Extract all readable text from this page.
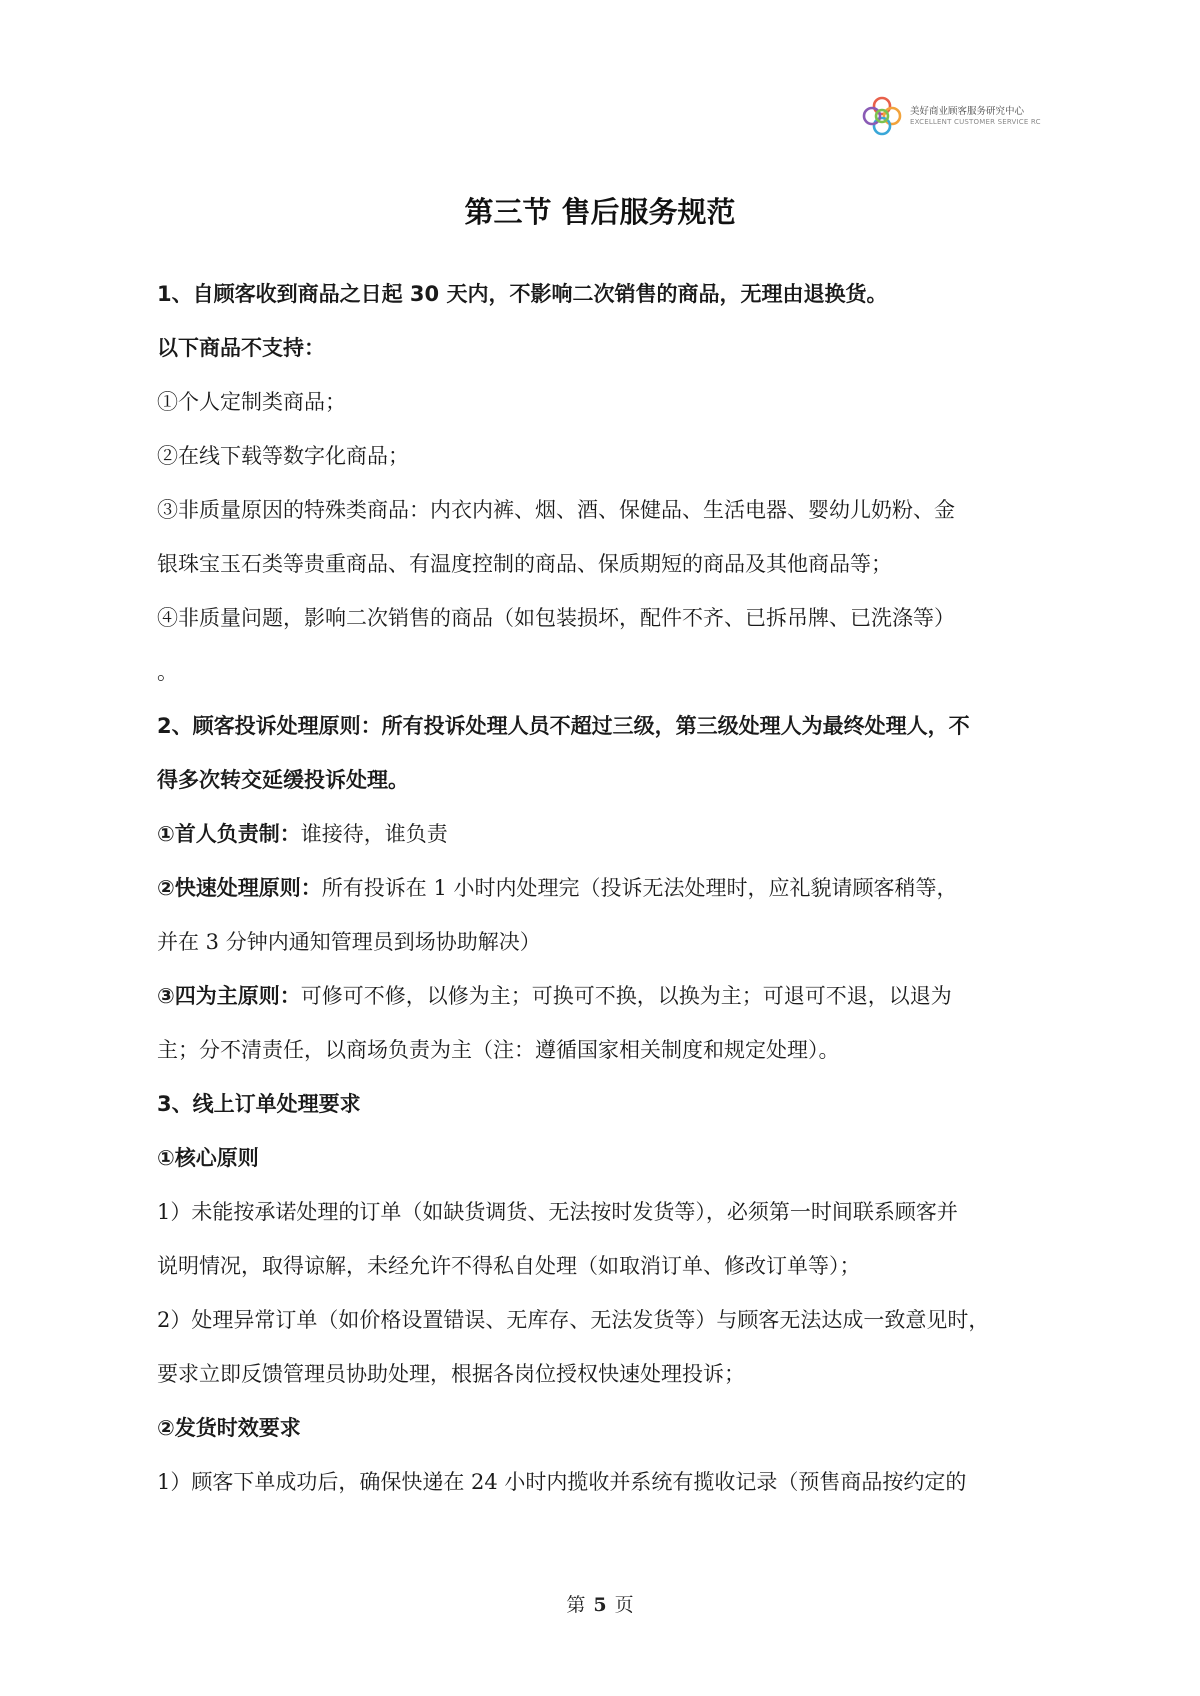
美好商业顾客服务研究中心
EXCELLENT CUSTOMER SERVICE RC
第三节 售后服务规范
1、自顾客收到商品之日起 30 天内，不影响二次销售的商品，无理由退换货。
以下商品不支持：
①个人定制类商品；
②在线下载等数字化商品；
③非质量原因的特殊类商品：内衣内裤、烟、酒、保健品、生活电器、婴幼儿奶粉、金
银珠宝玉石类等贵重商品、有温度控制的商品、保质期短的商品及其他商品等；
④非质量问题，影响二次销售的商品（如包装损坏，配件不齐、已拆吊牌、已洗涤等）
。
2、顾客投诉处理原则：所有投诉处理人员不超过三级，第三级处理人为最终处理人，不
得多次转交延缓投诉处理。
①首人负责制：谁接待，谁负责
②快速处理原则：所有投诉在 1 小时内处理完（投诉无法处理时，应礼貌请顾客稍等，
并在 3 分钟内通知管理员到场协助解决）
③四为主原则：可修可不修，以修为主；可换可不换，以换为主；可退可不退，以退为
主；分不清责任，以商场负责为主（注：遵循国家相关制度和规定处理）。
3、线上订单处理要求
①核心原则
1）未能按承诺处理的订单（如缺货调货、无法按时发货等），必须第一时间联系顾客并
说明情况，取得谅解，未经允许不得私自处理（如取消订单、修改订单等）；
2）处理异常订单（如价格设置错误、无库存、无法发货等）与顾客无法达成一致意见时，
要求立即反馈管理员协助处理，根据各岗位授权快速处理投诉；
②发货时效要求
1）顾客下单成功后，确保快递在 24 小时内揽收并系统有揽收记录（预售商品按约定的
第 5 页
